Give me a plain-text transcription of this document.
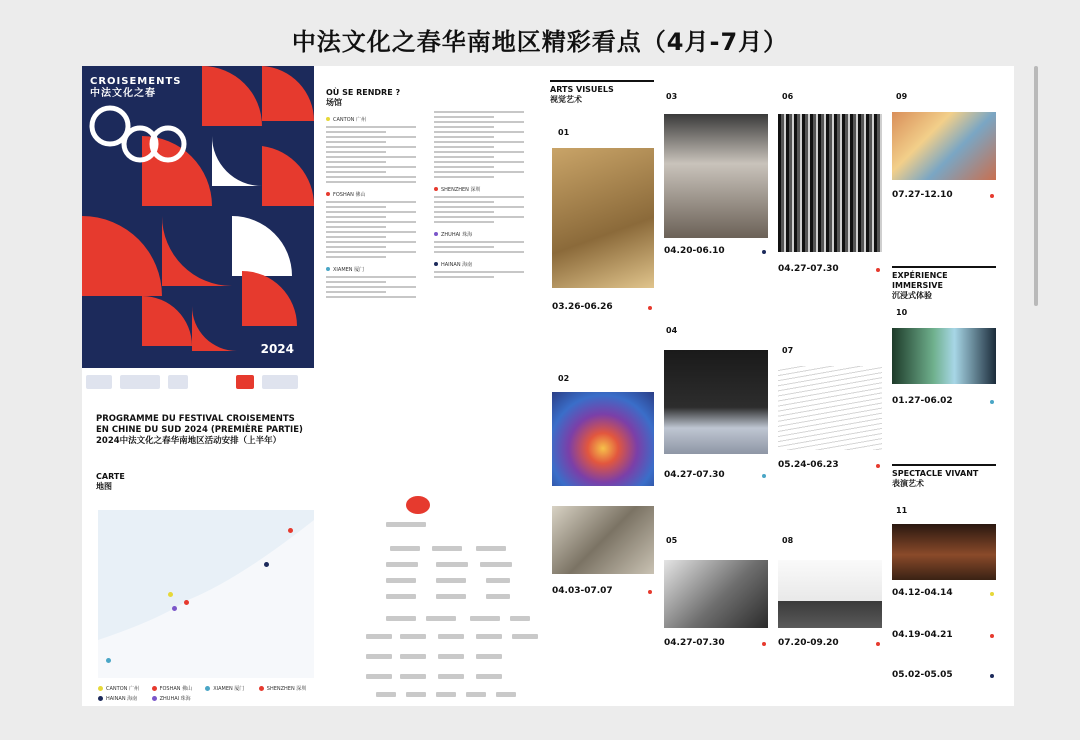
中法文化之春华南地区精彩看点（4月-7月）
CROISEMENTS
中法文化之春
2024
PROGRAMME DU FESTIVAL CROISEMENTS
EN CHINE DU SUD 2024 (PREMIÈRE PARTIE)
2024中法文化之春华南地区活动安排（上半年）
CARTE
地图
CANTON 广州	FOSHAN 佛山	XIAMEN 厦门	SHENZHEN 深圳 HAINAN 海南	ZHUHAI 珠海
OÙ SE RENDRE ?
场馆
CANTON 广州
FOSHAN 佛山
XIAMEN 厦门
SHENZHEN 深圳
ZHUHAI 珠海
HAINAN 海南
ARTS VISUELS
视觉艺术
01
03.26-06.26
02
04.03-07.07
03
04.20-06.10
04
04.27-07.30
05
04.27-07.30
06
04.27-07.30
07
05.24-06.23
08
07.20-09.20
09
07.27-12.10
EXPÉRIENCE IMMERSIVE
沉浸式体验
10
01.27-06.02
SPECTACLE VIVANT
表演艺术
11
04.12-04.14
04.19-04.21
05.02-05.05
